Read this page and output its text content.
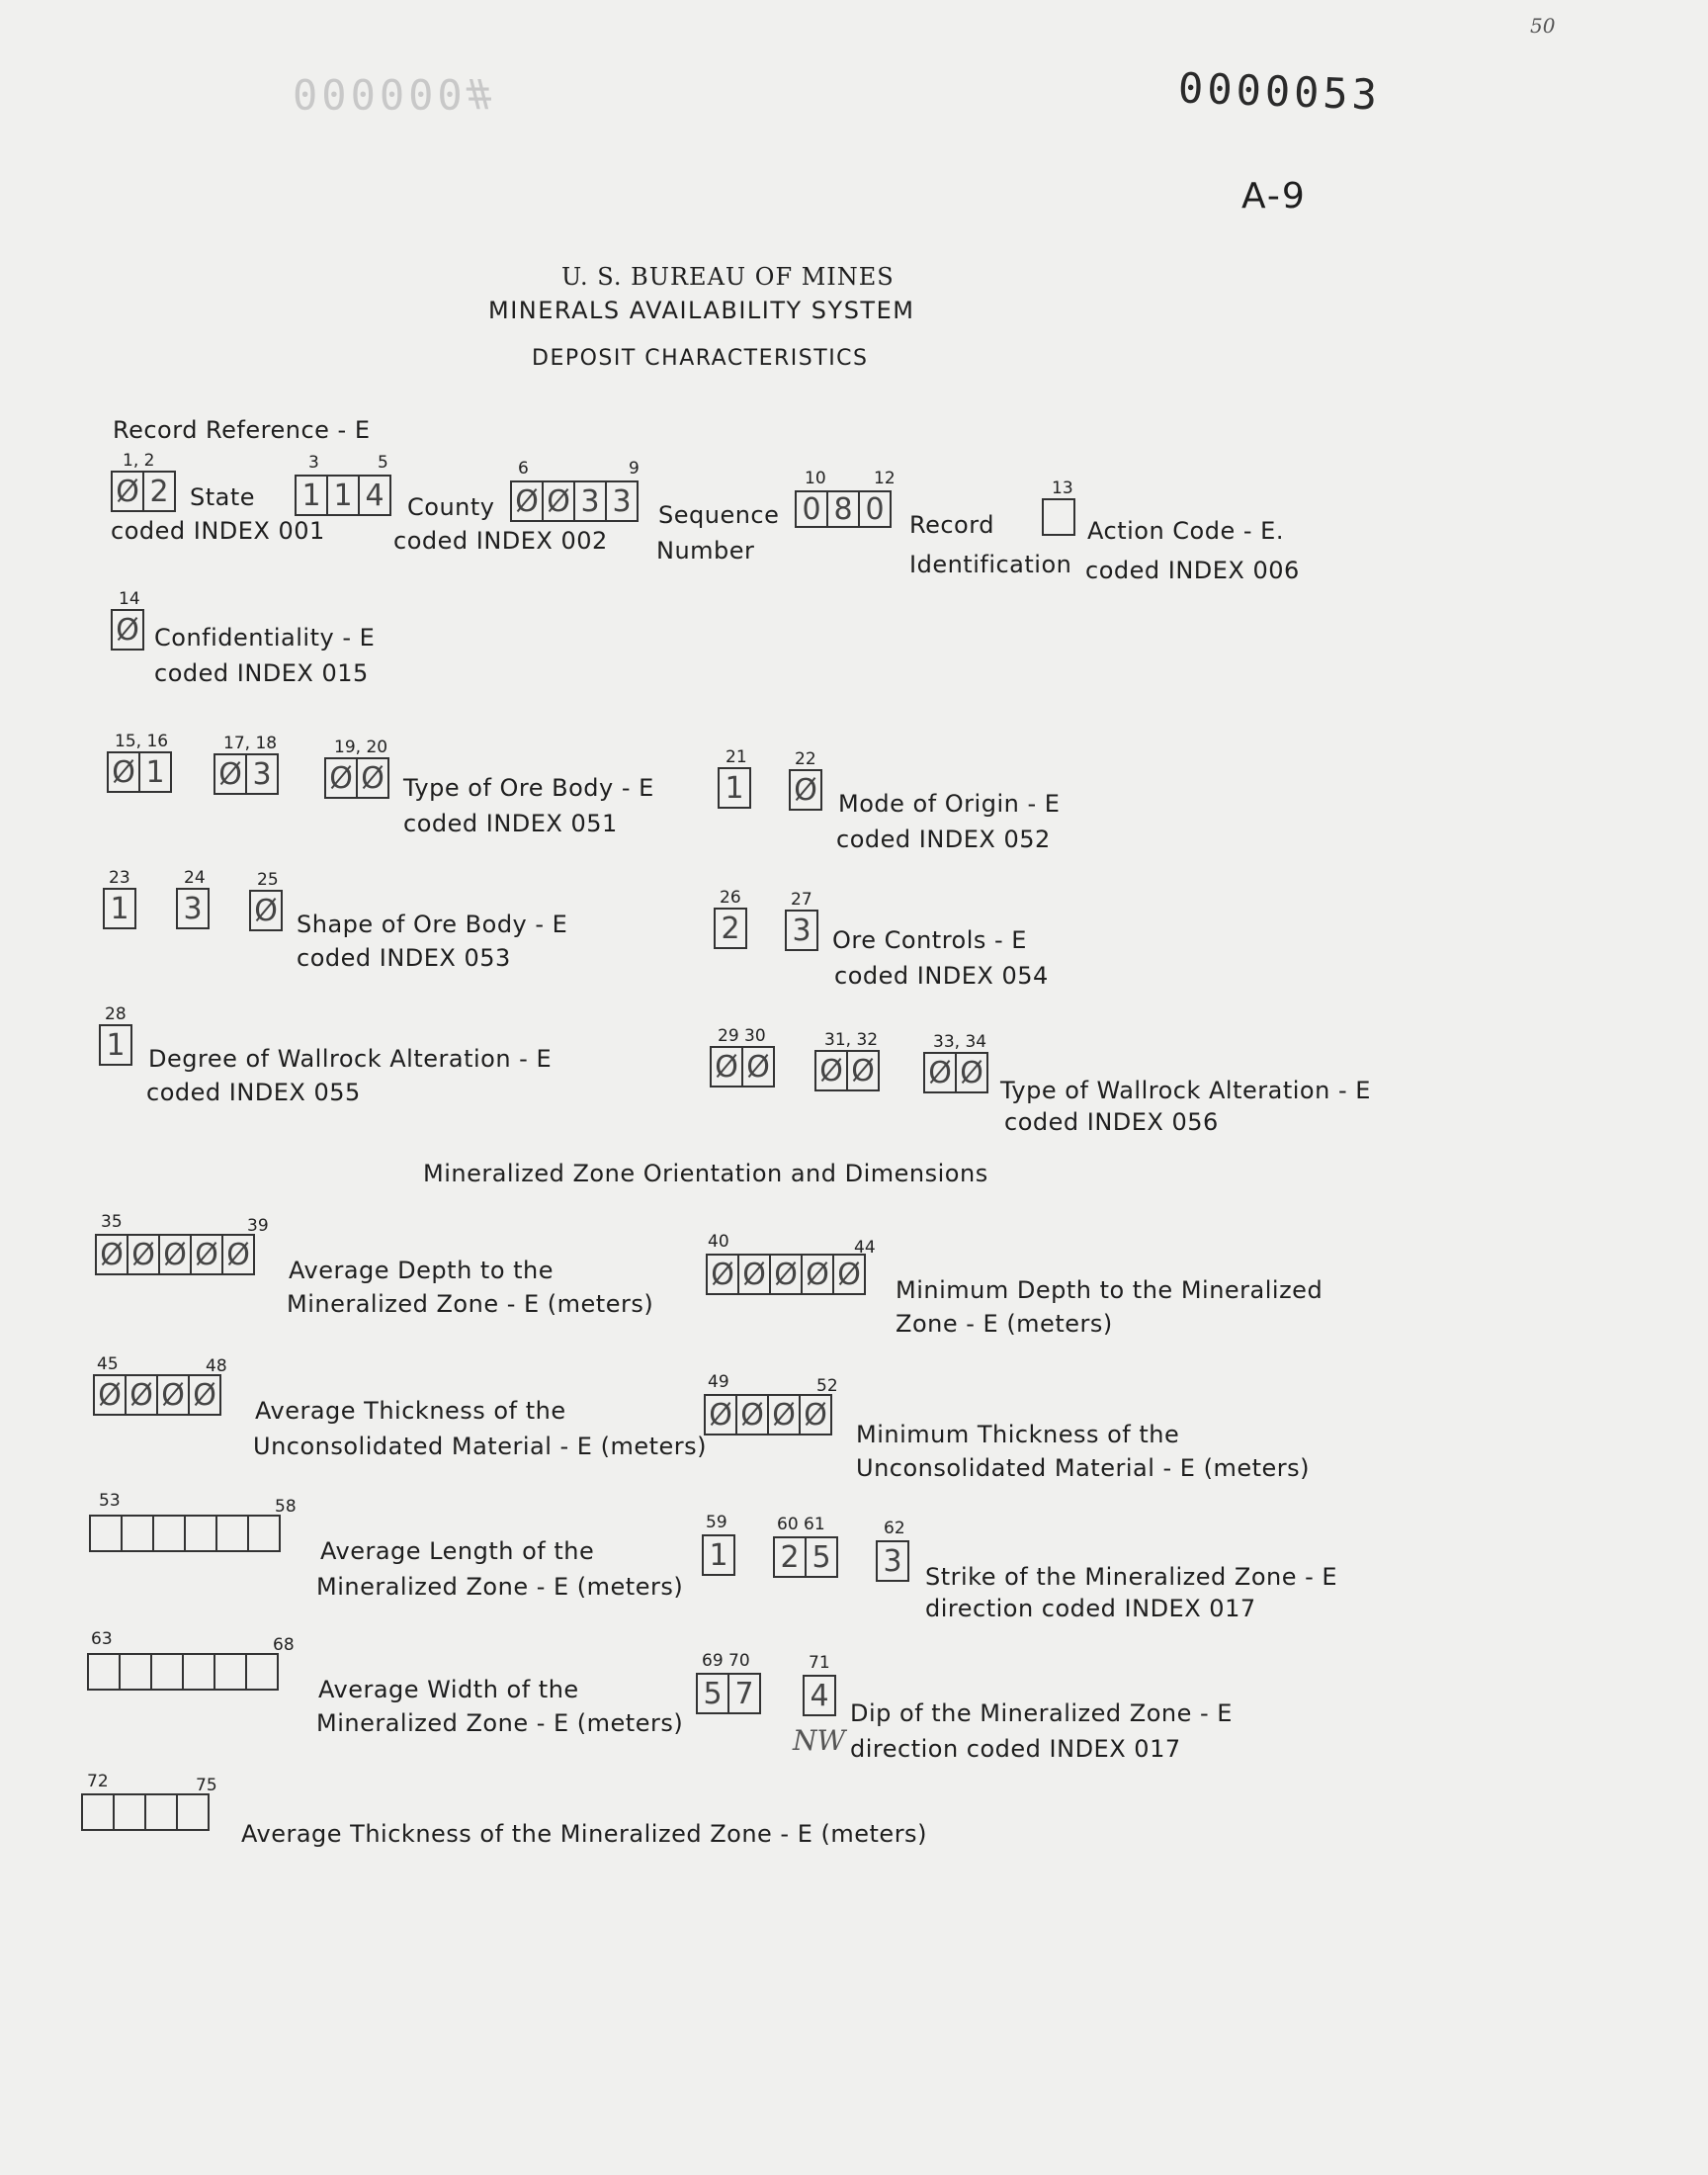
50
000000#	0000053
A-9
U. S. BUREAU OF MINES
MINERALS AVAILABILITY SYSTEM
DEPOSIT CHARACTERISTICS
Record Reference - E
1, 2
Ø 2 State
coded INDEX 001
3	5
1 1 4 County
coded INDEX 002
6	9
Ø Ø 3 3	Sequence
Number
10	12
0 8 0	Record
Identification
13
Action Code - E.
coded INDEX 006
14
Ø Confidentiality - E
coded INDEX 015
15, 16
Ø 1
17, 18
Ø 3
19, 20
Ø Ø Type of Ore Body - E
coded INDEX 051
21
1
22
Ø Mode of Origin - E
coded INDEX 052
23
1
24
3
25
Ø Shape of Ore Body - E
coded INDEX 053
26
2
27
3 Ore Controls - E
coded INDEX 054
28
1 Degree of Wallrock Alteration - E
coded INDEX 055
29 30
Ø Ø
31, 32
Ø Ø
33, 34
Ø Ø
Type of Wallrock Alteration - E
coded INDEX 056
Mineralized Zone Orientation and Dimensions
35	39
Ø Ø Ø Ø Ø Average Depth to the
Mineralized Zone - E (meters)
40	44
Ø Ø Ø Ø Ø Minimum Depth to the Mineralized
Zone - E (meters)
45	48
Ø Ø Ø Ø Average Thickness of the
Unconsolidated Material - E (meters)
49	52
Ø Ø Ø Ø
Minimum Thickness of the
Unconsolidated Material - E (meters)
53	58
Average Length of the
Mineralized Zone - E (meters)
59
1
60 61
2 5
62
3 Strike of the Mineralized Zone - E
direction coded INDEX 017
63	68
Average Width of the
Mineralized Zone - E (meters)
69 70
5 7
71
4
Dip of the Mineralized Zone - E
NW direction coded INDEX 017
72	75
Average Thickness of the Mineralized Zone - E (meters)
